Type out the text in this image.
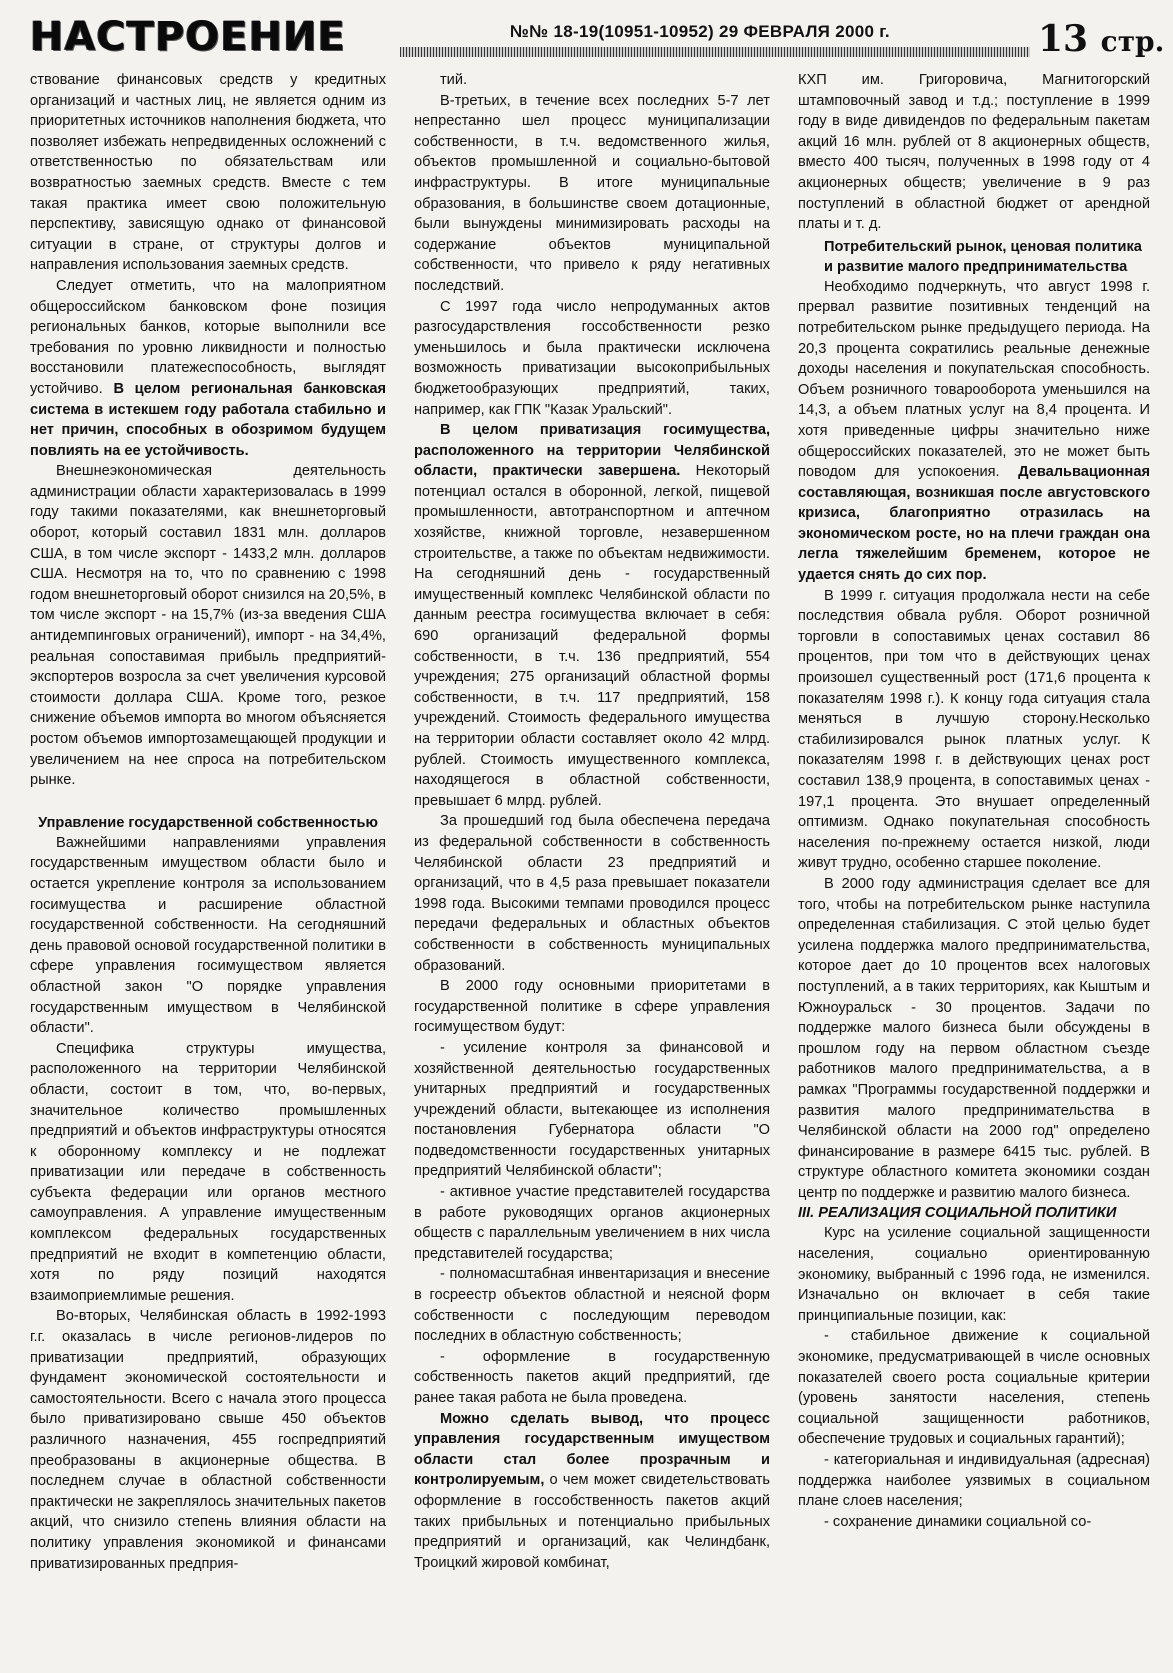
НАСТРОЕНИЕ	№№ 18-19(10951-10952) 29 ФЕВРАЛЯ 2000 г.	13 стр.

ствование финансовых средств у кредитных организаций и частных лиц, не является одним из приоритетных источников наполнения бюджета, что позволяет избежать непредвиденных осложнений с ответственностью по обязательствам или возвратностью заемных средств. Вместе с тем такая практика имеет свою положительную перспективу, зависящую однако от финансовой ситуации в стране, от структуры долгов и направления использования заемных средств.

Следует отметить, что на малоприятном общероссийском банковском фоне позиция региональных банков, которые выполнили все требования по уровню ликвидности и полностью восстановили платежеспособность, выглядят устойчиво. В целом региональная банковская система в истекшем году работала стабильно и нет причин, способных в обозримом будущем повлиять на ее устойчивость.

Внешнеэкономическая деятельность администрации области характеризовалась в 1999 году такими показателями, как внешнеторговый оборот, который составил 1831 млн. долларов США, в том числе экспорт - 1433,2 млн. долларов США. Несмотря на то, что по сравнению с 1998 годом внешнеторговый оборот снизился на 20,5%, в том числе экспорт - на 15,7% (из-за введения США антидемпинговых ограничений), импорт - на 34,4%, реальная сопоставимая прибыль предприятий-экспортеров возросла за счет увеличения курсовой стоимости доллара США. Кроме того, резкое снижение объемов импорта во многом объясняется ростом объемов импортозамещающей продукции и увеличением на нее спроса на потребительском рынке.

Управление государственной собственностью

Важнейшими направлениями управления государственным имуществом области было и остается укрепление контроля за использованием госимущества и расширение областной государственной собственности. На сегодняшний день правовой основой государственной политики в сфере управления госимуществом является областной закон "О порядке управления государственным имуществом в Челябинской области".

Специфика структуры имущества, расположенного на территории Челябинской области, состоит в том, что, во-первых, значительное количество промышленных предприятий и объектов инфраструктуры относятся к оборонному комплексу и не подлежат приватизации или передаче в собственность субъекта федерации или органов местного самоуправления. А управление имущественным комплексом федеральных государственных предприятий не входит в компетенцию области, хотя по ряду позиций находятся взаимоприемлимые решения.

Во-вторых, Челябинская область в 1992-1993 г.г. оказалась в числе регионов-лидеров по приватизации предприятий, образующих фундамент экономической состоятельности и самостоятельности. Всего с начала этого процесса было приватизировано свыше 450 объектов различного назначения, 455 госпредприятий преобразованы в акционерные общества. В последнем случае в областной собственности практически не закреплялось значительных пакетов акций, что снизило степень влияния области на политику управления экономикой и финансами приватизированных предприя-

тий.

В-третьих, в течение всех последних 5-7 лет непрестанно шел процесс муниципализации собственности, в т.ч. ведомственного жилья, объектов промышленной и социально-бытовой инфраструктуры. В итоге муниципальные образования, в большинстве своем дотационные, были вынуждены минимизировать расходы на содержание объектов муниципальной собственности, что привело к ряду негативных последствий.

С 1997 года число непродуманных актов разгосударствления госсобственности резко уменьшилось и была практически исключена возможность приватизации высокоприбыльных бюджетообразующих предприятий, таких, например, как ГПК "Казак Уральский".

В целом приватизация госимущества, расположенного на территории Челябинской области, практически завершена. Некоторый потенциал остался в оборонной, легкой, пищевой промышленности, автотранспортном и аптечном хозяйстве, книжной торговле, незавершенном строительстве, а также по объектам недвижимости. На сегодняшний день - государственный имущественный комплекс Челябинской области по данным реестра госимущества включает в себя: 690 организаций федеральной формы собственности, в т.ч. 136 предприятий, 554 учреждения; 275 организаций областной формы собственности, в т.ч. 117 предприятий, 158 учреждений. Стоимость федерального имущества на территории области составляет около 42 млрд. рублей. Стоимость имущественного комплекса, находящегося в областной собственности, превышает 6 млрд. рублей.

За прошедший год была обеспечена передача из федеральной собственности в собственность Челябинской области 23 предприятий и организаций, что в 4,5 раза превышает показатели 1998 года. Высокими темпами проводился процесс передачи федеральных и областных объектов собственности в собственность муниципальных образований.

В 2000 году основными приоритетами в государственной политике в сфере управления госимуществом будут:

- усиление контроля за финансовой и хозяйственной деятельностью государственных унитарных предприятий и государственных учреждений области, вытекающее из исполнения постановления Губернатора области "О подведомственности государственных унитарных предприятий Челябинской области";

- активное участие представителей государства в работе руководящих органов акционерных обществ с параллельным увеличением в них числа представителей государства;

- полномасштабная инвентаризация и внесение в госреестр объектов областной и неясной форм собственности с последующим переводом последних в областную собственность;

- оформление в государственную собственность пакетов акций предприятий, где ранее такая работа не была проведена.

Можно сделать вывод, что процесс управления государственным имуществом области стал более прозрачным и контролируемым, о чем может свидетельствовать оформление в госсобственность пакетов акций таких прибыльных и потенциально прибыльных предприятий и организаций, как Челиндбанк, Троицкий жировой комбинат,

КХП им. Григоровича, Магнитогорский штамповочный завод и т.д.; поступление в 1999 году в виде дивидендов по федеральным пакетам акций 16 млн. рублей от 8 акционерных обществ, вместо 400 тысяч, полученных в 1998 году от 4 акционерных обществ; увеличение в 9 раз поступлений в областной бюджет от арендной платы и т. д.

Потребительский рынок, ценовая политика и развитие малого предпринимательства

Необходимо подчеркнуть, что август 1998 г. прервал развитие позитивных тенденций на потребительском рынке предыдущего периода. На 20,3 процента сократились реальные денежные доходы населения и покупательская способность. Объем розничного товарооборота уменьшился на 14,3, а объем платных услуг на 8,4 процента. И хотя приведенные цифры значительно ниже общероссийских показателей, это не может быть поводом для успокоения. Девальвационная составляющая, возникшая после августовского кризиса, благоприятно отразилась на экономическом росте, но на плечи граждан она легла тяжелейшим бременем, которое не удается снять до сих пор.

В 1999 г. ситуация продолжала нести на себе последствия обвала рубля. Оборот розничной торговли в сопоставимых ценах составил 86 процентов, при том что в действующих ценах произошел существенный рост (171,6 процента к показателям 1998 г.). К концу года ситуация стала меняться в лучшую сторону.Несколько стабилизировался рынок платных услуг. К показателям 1998 г. в действующих ценах рост составил 138,9 процента, в сопоставимых ценах - 197,1 процента. Это внушает определенный оптимизм. Однако покупательная способность населения по-прежнему остается низкой, люди живут трудно, особенно старшее поколение.

В 2000 году администрация сделает все для того, чтобы на потребительском рынке наступила определенная стабилизация. С этой целью будет усилена поддержка малого предпринимательства, которое дает до 10 процентов всех налоговых поступлений, а в таких территориях, как Кыштым и Южноуральск - 30 процентов. Задачи по поддержке малого бизнеса были обсуждены в прошлом году на первом областном съезде работников малого предпринимательства, а в рамках "Программы государственной поддержки и развития малого предпринимательства в Челябинской области на 2000 год" определено финансирование в размере 6415 тыс. рублей. В структуре областного комитета экономики создан центр по поддержке и развитию малого бизнеса.

III. РЕАЛИЗАЦИЯ СОЦИАЛЬНОЙ ПОЛИТИКИ

Курс на усиление социальной защищенности населения, социально ориентированную экономику, выбранный с 1996 года, не изменился. Изначально он включает в себя такие принципиальные позиции, как:

- стабильное движение к социальной экономике, предусматривающей в числе основных показателей своего роста социальные критерии (уровень занятости населения, степень социальной защищенности работников, обеспечение трудовых и социальных гарантий);

- категориальная и индивидуальная (адресная) поддержка наиболее уязвимых в социальном плане слоев населения;

- сохранение динамики социальной со-
